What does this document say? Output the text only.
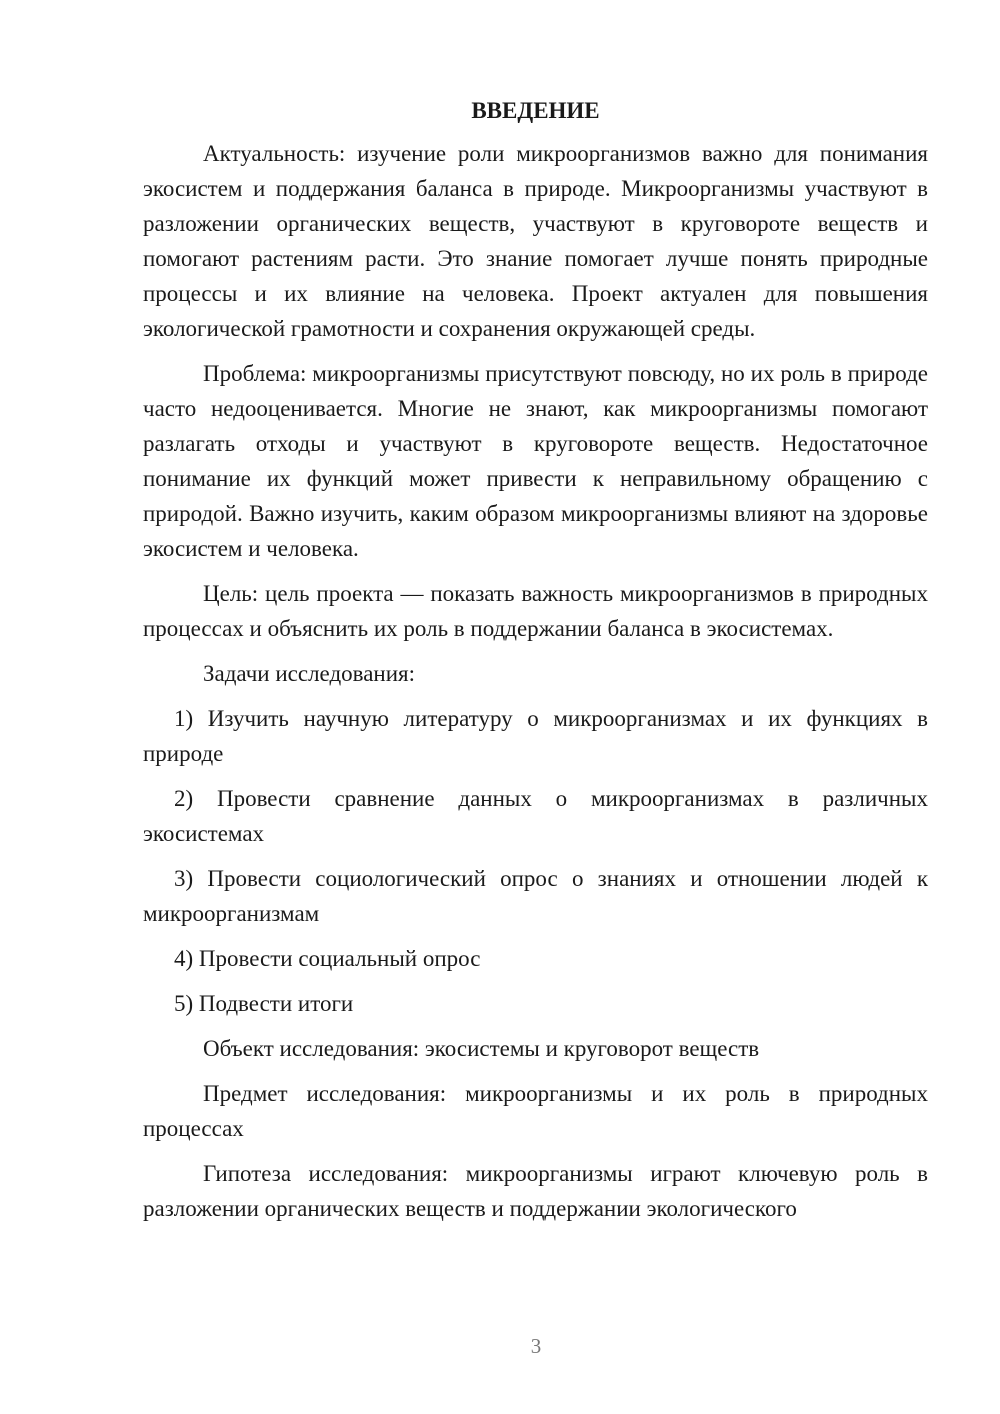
ВВЕДЕНИЕ

Актуальность: изучение роли микроорганизмов важно для понимания экосистем и поддержания баланса в природе. Микроорганизмы участвуют в разложении органических веществ, участвуют в круговороте веществ и помогают растениям расти. Это знание помогает лучше понять природные процессы и их влияние на человека. Проект актуален для повышения экологической грамотности и сохранения окружающей среды.

Проблема: микроорганизмы присутствуют повсюду, но их роль в природе часто недооценивается. Многие не знают, как микроорганизмы помогают разлагать отходы и участвуют в круговороте веществ. Недостаточное понимание их функций может привести к неправильному обращению с природой. Важно изучить, каким образом микроорганизмы влияют на здоровье экосистем и человека.

Цель: цель проекта — показать важность микроорганизмов в природных процессах и объяснить их роль в поддержании баланса в экосистемах.

Задачи исследования:

1) Изучить научную литературу о микроорганизмах и их функциях в природе

2) Провести сравнение данных о микроорганизмах в различных экосистемах

3) Провести социологический опрос о знаниях и отношении людей к микроорганизмам

4) Провести социальный опрос

5) Подвести итоги

Объект исследования: экосистемы и круговорот веществ

Предмет исследования: микроорганизмы и их роль в природных процессах

Гипотеза исследования: микроорганизмы играют ключевую роль в разложении органических веществ и поддержании экологического

3
